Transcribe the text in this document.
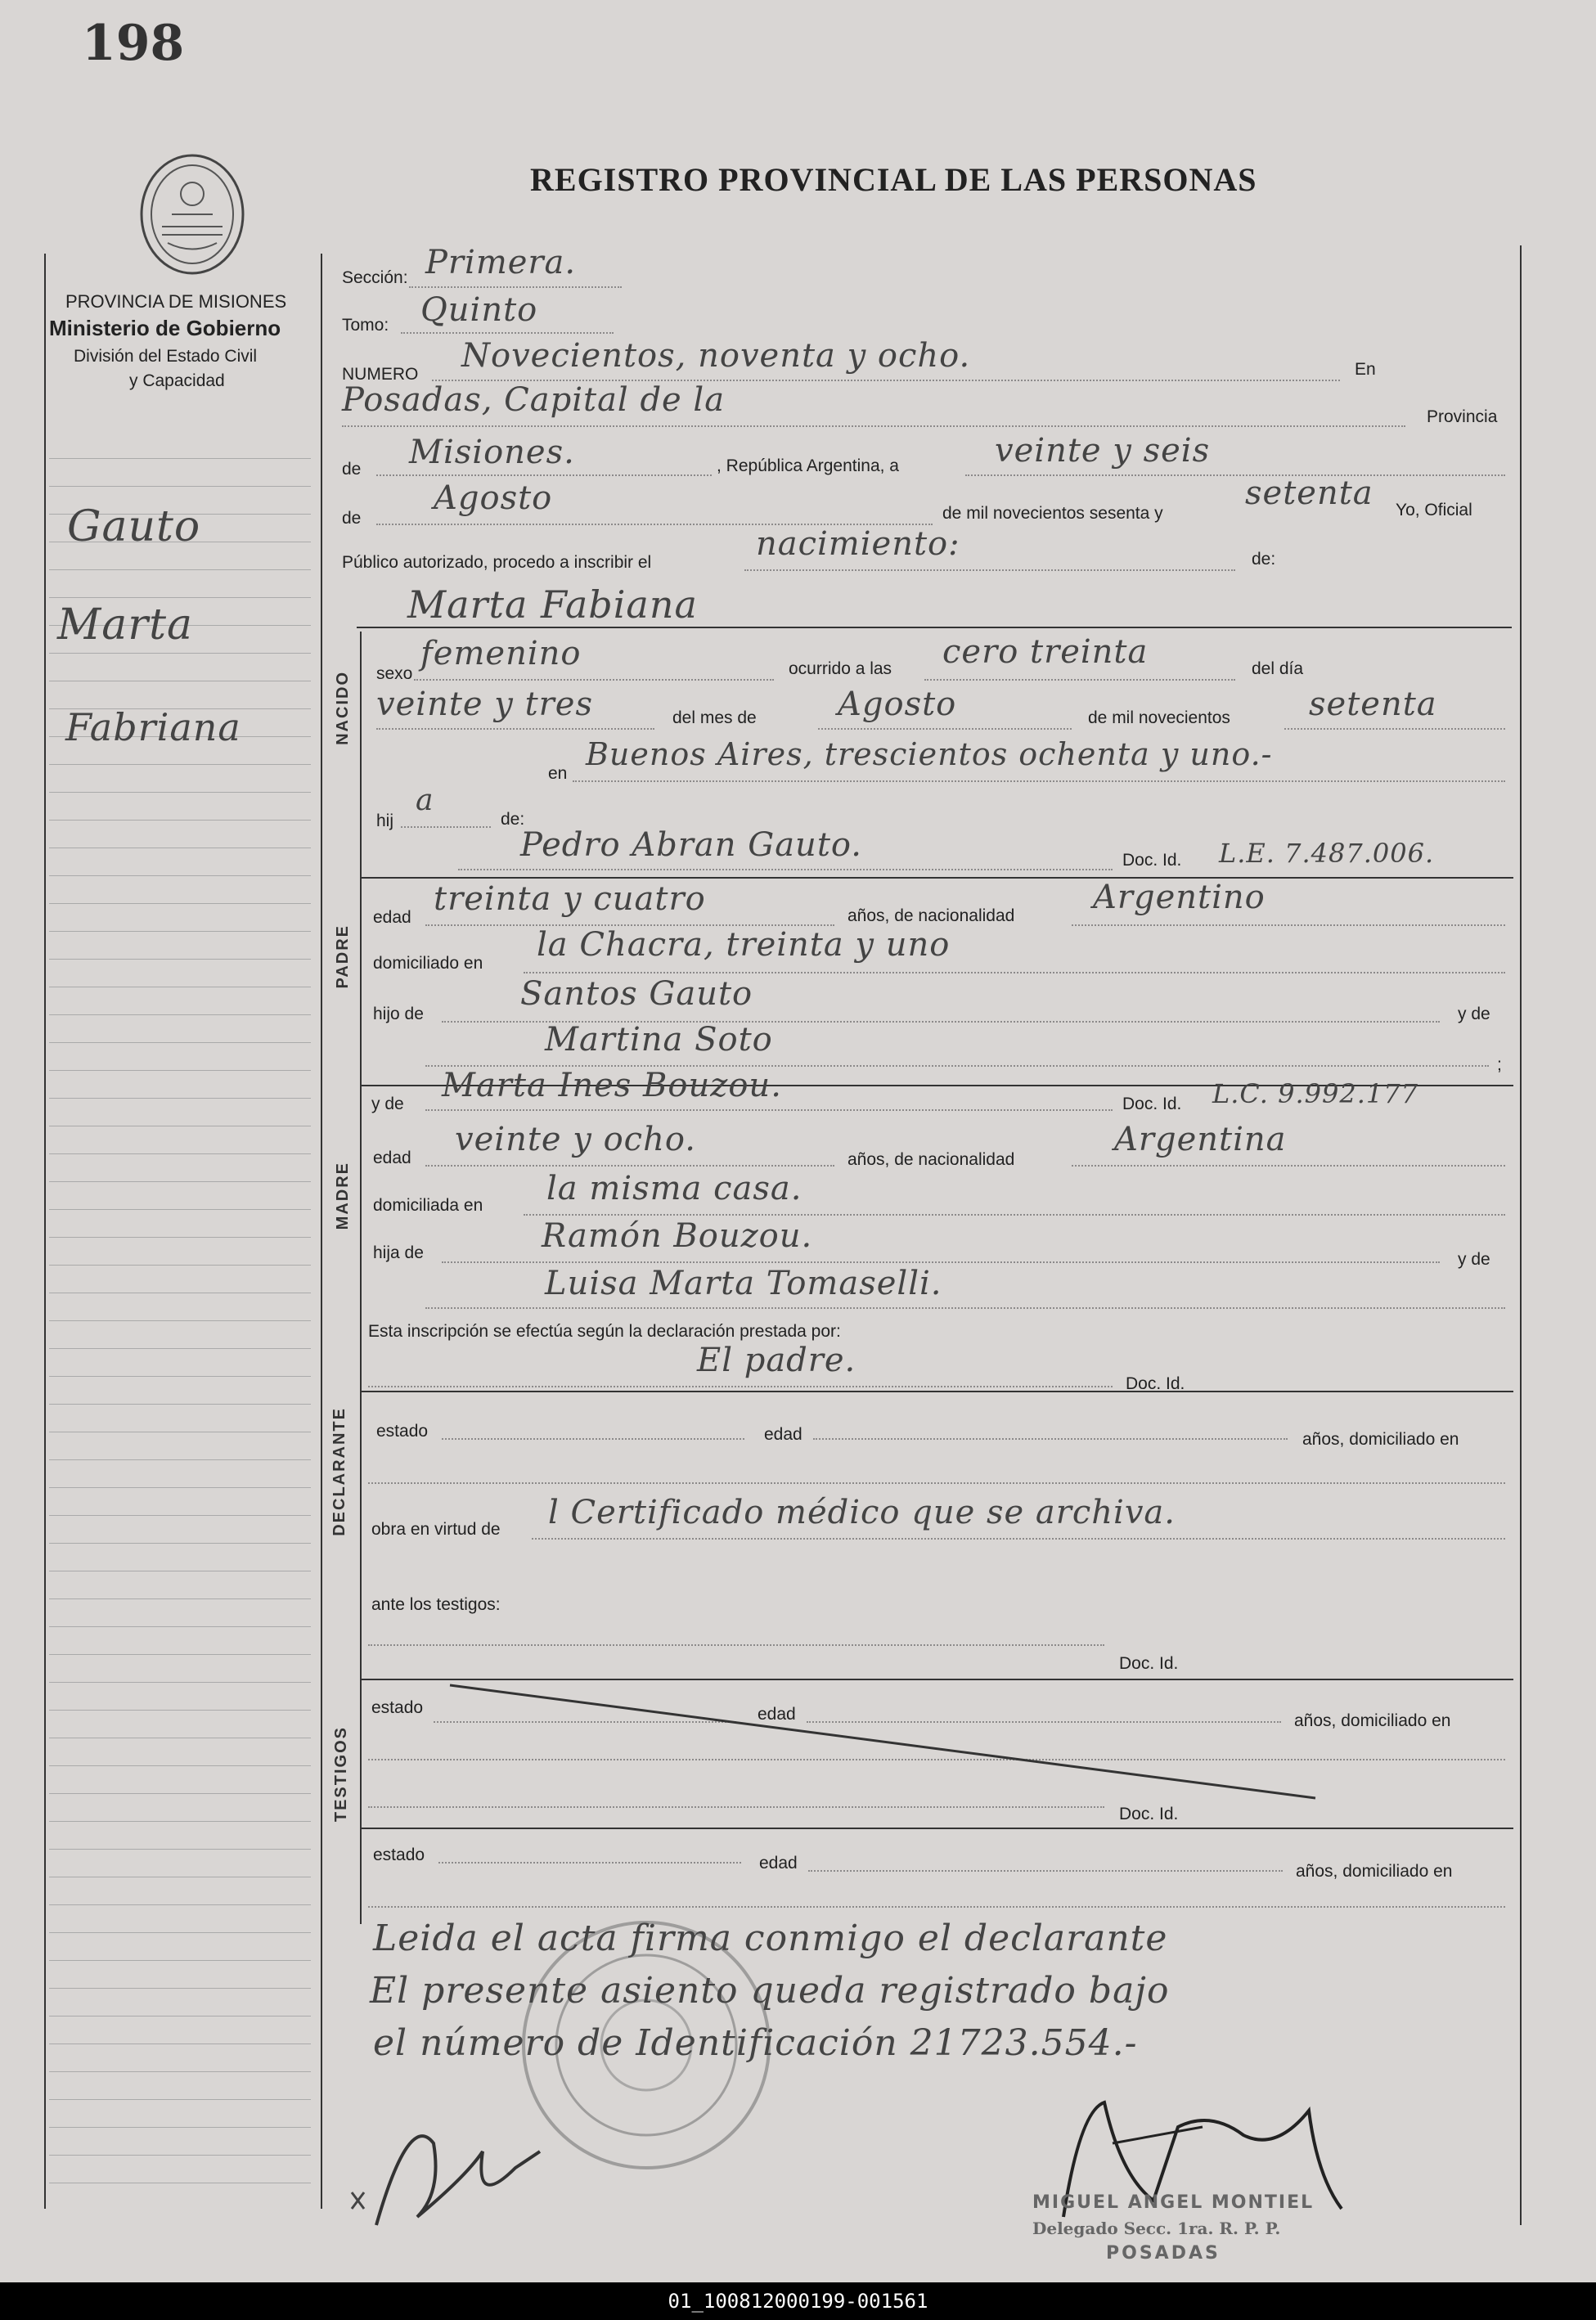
198
PROVINCIA DE MISIONES
Ministerio de Gobierno
División del Estado Civil
y Capacidad
REGISTRO PROVINCIAL DE LAS PERSONAS
Gauto
Marta
Fabriana
Sección: Primera.
Tomo: Quinto
NUMERO Novecientos, noventa y ocho.	En
Posadas, Capital de la	Provincia
de Misiones.	, República Argentina, a	veinte y seis
de
Agosto	de mil novecientos sesenta y
setenta Yo, Oficial
Público autorizado, procedo a inscribir el	nacimiento:	de:
Marta Fabiana
NACIDO sexo
femenino	ocurrido a las cero treinta	del día
veinte y tres	del mes de Agosto	de mil novecientos setenta
en
Buenos Aires, trescientos ochenta y uno.-
hij
a
de:
Pedro Abran Gauto.	Doc. Id. L.E. 7.487.006.
PADRE
edad treinta y cuatro	años, de nacionalidad Argentino
domiciliado en la Chacra, treinta y uno
hijo de
Santos Gauto
y de
Martina Soto
;
y de Marta Ines Bouzou.	Doc. Id. L.C. 9.992.177
MADRE
edad veinte y ocho.
años, de nacionalidad
Argentina
domiciliada en la misma casa.
hija de	Ramón Bouzou.
y de
Luisa Marta Tomaselli.
Esta inscripción se efectúa según la declaración prestada por:
El padre.
Doc. Id.
DECLARANTE estado	edad	años, domiciliado en
obra en virtud de l Certificado médico que se archiva.
ante los testigos:
Doc. Id.
TESTIGOS
estado	edad	años, domiciliado en
Doc. Id.
estado	edad	años, domiciliado en
Leida el acta firma conmigo el declarante
El presente asiento queda registrado bajo
el número de Identificación 21723.554.-
MIGUEL ANGEL MONTIEL
Delegado Secc. 1ra. R. P. P.
POSADAS
01_100812000199-001561
